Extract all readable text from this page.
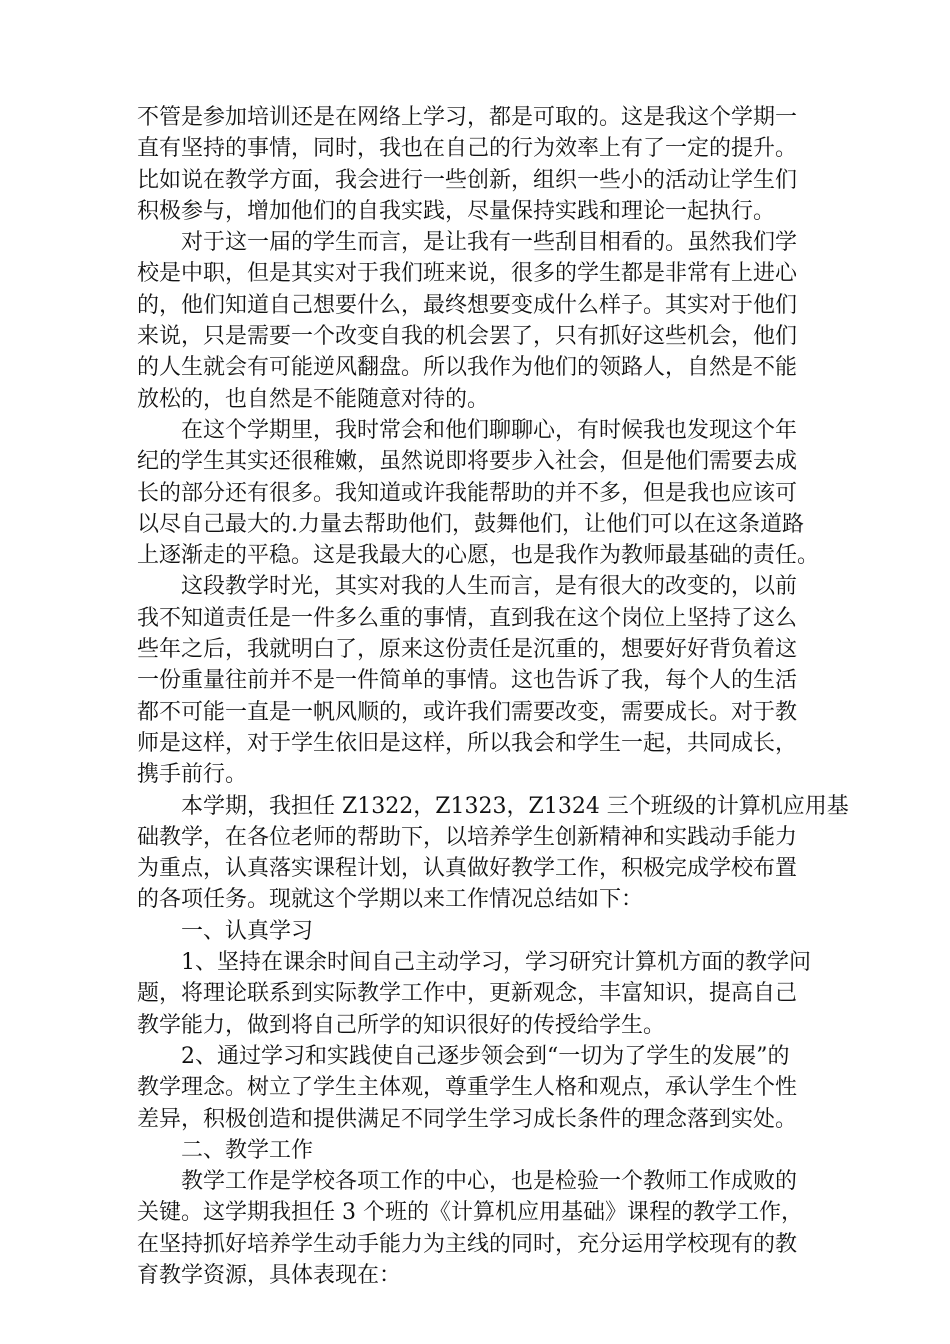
不管是参加培训还是在网络上学习，都是可取的。这是我这个学期一
直有坚持的事情，同时，我也在自己的行为效率上有了一定的提升。
比如说在教学方面，我会进行一些创新，组织一些小的活动让学生们
积极参与，增加他们的自我实践，尽量保持实践和理论一起执行。
对于这一届的学生而言，是让我有一些刮目相看的。虽然我们学
校是中职，但是其实对于我们班来说，很多的学生都是非常有上进心
的，他们知道自己想要什么，最终想要变成什么样子。其实对于他们
来说，只是需要一个改变自我的机会罢了，只有抓好这些机会，他们
的人生就会有可能逆风翻盘。所以我作为他们的领路人，自然是不能
放松的，也自然是不能随意对待的。
在这个学期里，我时常会和他们聊聊心，有时候我也发现这个年
纪的学生其实还很稚嫩，虽然说即将要步入社会，但是他们需要去成
长的部分还有很多。我知道或许我能帮助的并不多，但是我也应该可
以尽自己最大的.力量去帮助他们，鼓舞他们，让他们可以在这条道路
上逐渐走的平稳。这是我最大的心愿，也是我作为教师最基础的责任。
这段教学时光，其实对我的人生而言，是有很大的改变的，以前
我不知道责任是一件多么重的事情，直到我在这个岗位上坚持了这么
些年之后，我就明白了，原来这份责任是沉重的，想要好好背负着这
一份重量往前并不是一件简单的事情。这也告诉了我，每个人的生活
都不可能一直是一帆风顺的，或许我们需要改变，需要成长。对于教
师是这样，对于学生依旧是这样，所以我会和学生一起，共同成长，
携手前行。
本学期，我担任 Z1322，Z1323，Z1324 三个班级的计算机应用基
础教学，在各位老师的帮助下，以培养学生创新精神和实践动手能力
为重点，认真落实课程计划，认真做好教学工作，积极完成学校布置
的各项任务。现就这个学期以来工作情况总结如下：
一、认真学习
1、坚持在课余时间自己主动学习，学习研究计算机方面的教学问
题，将理论联系到实际教学工作中，更新观念，丰富知识，提高自己
教学能力，做到将自己所学的知识很好的传授给学生。
2、通过学习和实践使自己逐步领会到“一切为了学生的发展”的
教学理念。树立了学生主体观，尊重学生人格和观点，承认学生个性
差异，积极创造和提供满足不同学生学习成长条件的理念落到实处。
二、教学工作
教学工作是学校各项工作的中心，也是检验一个教师工作成败的
关键。这学期我担任 3 个班的《计算机应用基础》课程的教学工作，
在坚持抓好培养学生动手能力为主线的同时，充分运用学校现有的教
育教学资源，具体表现在：
